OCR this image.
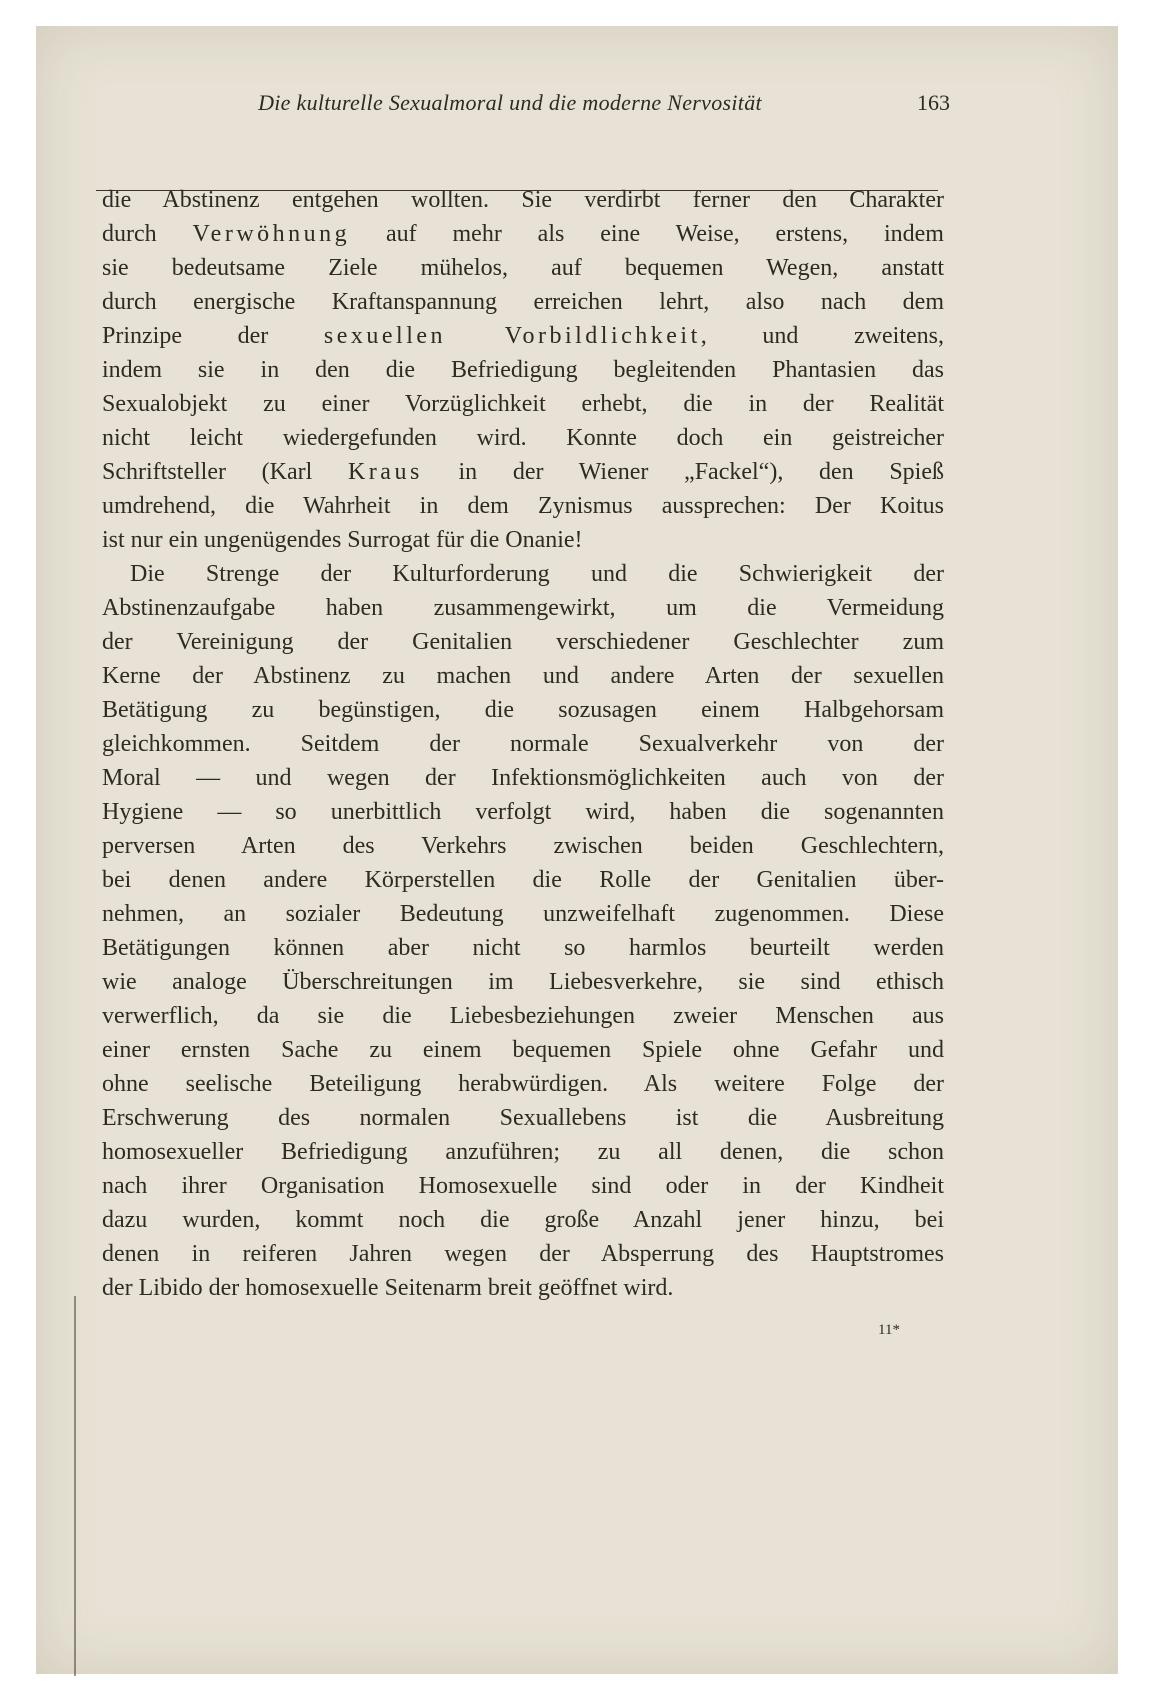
Die kulturelle Sexualmoral und die moderne Nervosität	163
die Abstinenz entgehen wollten. Sie verdirbt ferner den Charakter
durch Verwöhnung auf mehr als eine Weise, erstens, indem
sie bedeutsame Ziele mühelos, auf bequemen Wegen, anstatt
durch energische Kraftanspannung erreichen lehrt, also nach dem
Prinzipe der sexuellen Vorbildlichkeit, und zweitens,
indem sie in den die Befriedigung begleitenden Phantasien das
Sexualobjekt zu einer Vorzüglichkeit erhebt, die in der Realität
nicht leicht wiedergefunden wird. Konnte doch ein geistreicher
Schriftsteller (Karl Kraus in der Wiener „Fackel“), den Spieß
umdrehend, die Wahrheit in dem Zynismus aussprechen: Der Koitus
ist nur ein ungenügendes Surrogat für die Onanie!
Die Strenge der Kulturforderung und die Schwierigkeit der
Abstinenzaufgabe haben zusammengewirkt, um die Vermeidung
der Vereinigung der Genitalien verschiedener Geschlechter zum
Kerne der Abstinenz zu machen und andere Arten der sexuellen
Betätigung zu begünstigen, die sozusagen einem Halbgehorsam
gleichkommen. Seitdem der normale Sexualverkehr von der
Moral — und wegen der Infektionsmöglichkeiten auch von der
Hygiene — so unerbittlich verfolgt wird, haben die sogenannten
perversen Arten des Verkehrs zwischen beiden Geschlechtern,
bei denen andere Körperstellen die Rolle der Genitalien über-
nehmen, an sozialer Bedeutung unzweifelhaft zugenommen. Diese
Betätigungen können aber nicht so harmlos beurteilt werden
wie analoge Überschreitungen im Liebesverkehre, sie sind ethisch
verwerflich, da sie die Liebesbeziehungen zweier Menschen aus
einer ernsten Sache zu einem bequemen Spiele ohne Gefahr und
ohne seelische Beteiligung herabwürdigen. Als weitere Folge der
Erschwerung des normalen Sexuallebens ist die Ausbreitung
homosexueller Befriedigung anzuführen; zu all denen, die schon
nach ihrer Organisation Homosexuelle sind oder in der Kindheit
dazu wurden, kommt noch die große Anzahl jener hinzu, bei
denen in reiferen Jahren wegen der Absperrung des Hauptstromes
der Libido der homosexuelle Seitenarm breit geöffnet wird.
11*
